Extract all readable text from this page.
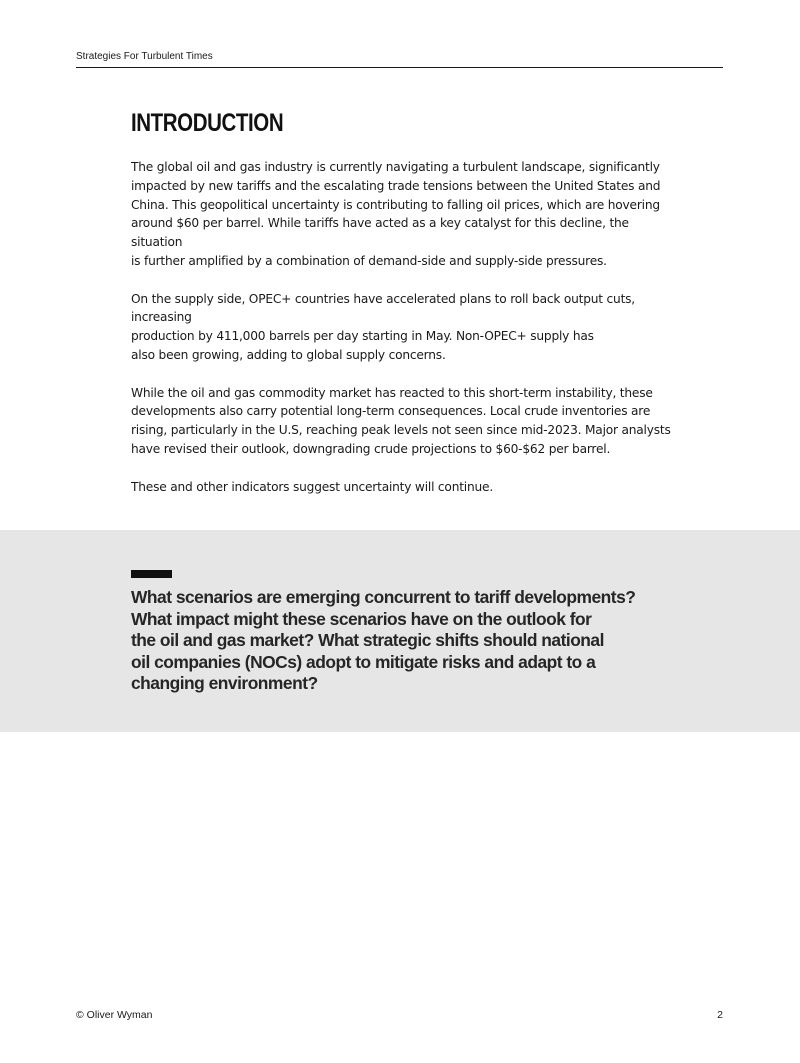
Strategies For Turbulent Times
INTRODUCTION

The global oil and gas industry is currently navigating a turbulent landscape, significantly
impacted by new tariffs and the escalating trade tensions between the United States and
China. This geopolitical uncertainty is contributing to falling oil prices, which are hovering
around $60 per barrel. While tariffs have acted as a key catalyst for this decline, the situation
is further amplified by a combination of demand-side and supply-side pressures.

On the supply side, OPEC+ countries have accelerated plans to roll back output cuts, increasing
production by 411,000 barrels per day starting in May. Non-OPEC+ supply has
also been growing, adding to global supply concerns.

While the oil and gas commodity market has reacted to this short-term instability, these
developments also carry potential long-term consequences. Local crude inventories are
rising, particularly in the U.S, reaching peak levels not seen since mid-2023. Major analysts
have revised their outlook, downgrading crude projections to $60-$62 per barrel.

These and other indicators suggest uncertainty will continue.

What scenarios are emerging concurrent to tariff developments?
What impact might these scenarios have on the outlook for
the oil and gas market? What strategic shifts should national
oil companies (NOCs) adopt to mitigate risks and adapt to a
changing environment?

© Oliver Wyman	2
